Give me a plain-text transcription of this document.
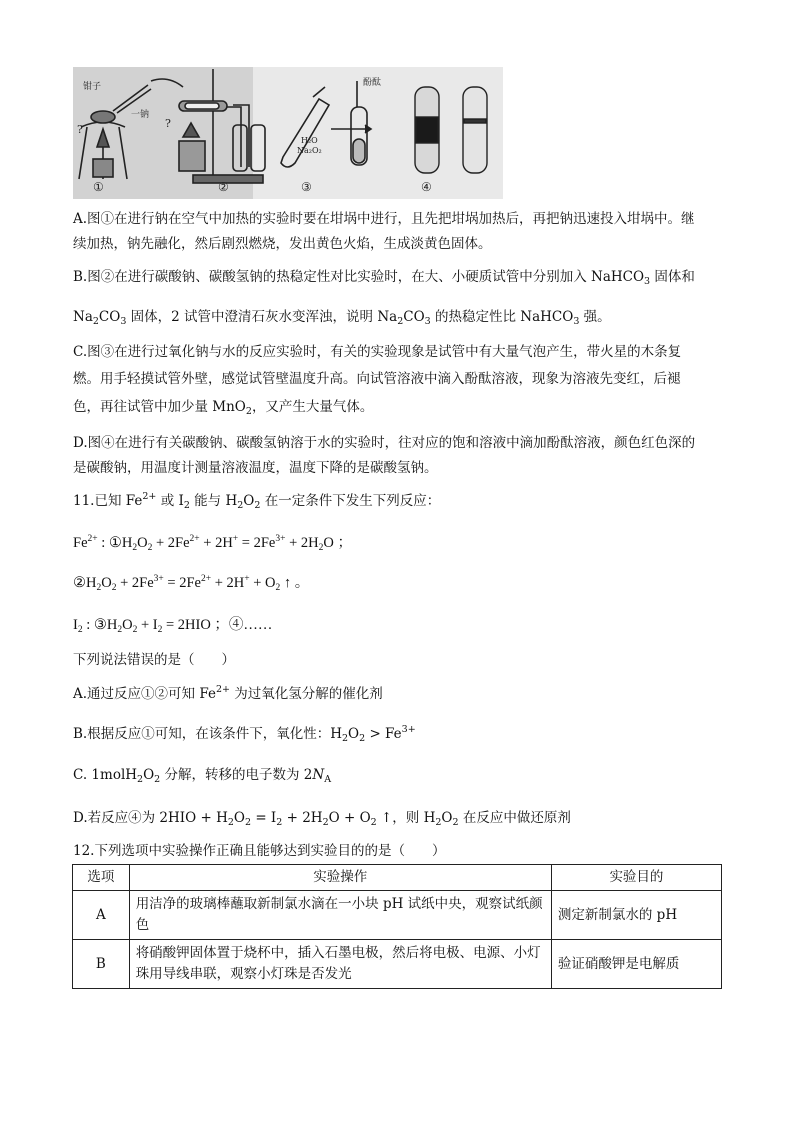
钳子
一钠
?
①
?
②
H₂O
Na₂O₂
酚酞
③	④
A.图①在进行钠在空气中加热的实验时要在坩埚中进行，且先把坩埚加热后，再把钠迅速投入坩埚中。继
续加热，钠先融化，然后剧烈燃烧，发出黄色火焰，生成淡黄色固体。
B.图②在进行碳酸钠、碳酸氢钠的热稳定性对比实验时，在大、小硬质试管中分别加入 NaHCO$_3$ 固体和
$Na_2CO_3$ 固体，2 试管中澄清石灰水变浑浊，说明 $Na_2CO_3$ 的热稳定性比 NaHCO$_3$ 强。
C.图③在进行过氧化钠与水的反应实验时，有关的实验现象是试管中有大量气泡产生，带火星的木条复
燃。用手轻摸试管外壁，感觉试管壁温度升高。向试管溶液中滴入酚酞溶液，现象为溶液先变红，后褪
色，再往试管中加少量 MnO$_2$，又产生大量气体。
D.图④在进行有关碳酸钠、碳酸氢钠溶于水的实验时，往对应的饱和溶液中滴加酚酞溶液，颜色红色深的
是碳酸钠，用温度计测量溶液温度，温度下降的是碳酸氢钠。
11.已知 $Fe^{2+}$ 或 $I_2$ 能与 $H_2O_2$ 在一定条件下发生下列反应：
$Fe^{2+}$ : $①H_2O_2 + 2Fe^{2+} + 2H^+ = 2Fe^{3+} + 2H_2O$ ；
$②H_2O_2 + 2Fe^{3+} = 2Fe^{2+} + 2H^+ + O_2$ ↑ 。
$I_2$ : $③H_2O_2 + I_2 = 2HIO$ ；④……
下列说法错误的是（　　）
A.通过反应①②可知 $Fe^{2+}$ 为过氧化氢分解的催化剂
B.根据反应①可知，在该条件下，氧化性：$H_2O_2 > Fe^{3+}$
C. $1molH_2O_2$ 分解，转移的电子数为 $2N_A$
D.若反应④为 $2HIO + H_2O_2 = I_2 + 2H_2O + O_2$ ↑，则 $H_2O_2$ 在反应中做还原剂
12.下列选项中实验操作正确且能够达到实验目的的是（　　）
选项	实验操作	实验目的
A	用洁净的玻璃棒蘸取新制氯水滴在一小块 pH 试纸中央，观察试纸颜色	测定新制氯水的 pH
B	将硝酸钾固体置于烧杯中，插入石墨电极，然后将电极、电源、小灯珠用导线串联，观察小灯珠是否发光	验证硝酸钾是电解质
